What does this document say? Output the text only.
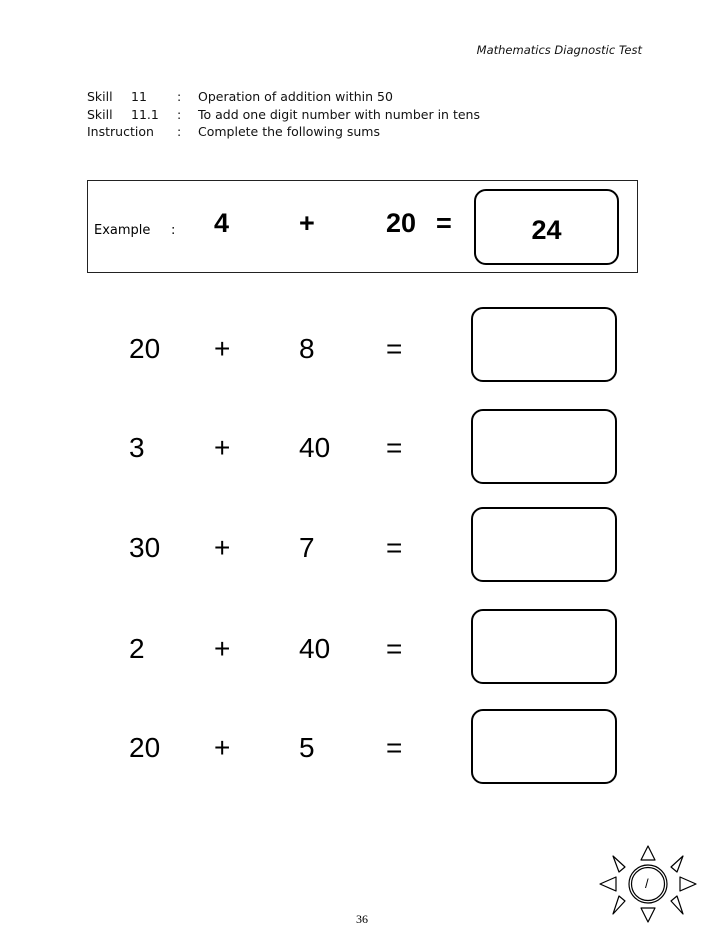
Mathematics Diagnostic Test
Skill 11 : Operation of addition within 50
Skill 11.1 : To add one digit number with number in tens
Instruction : Complete the following sums
Example : 4	+	20 =	24
20 + 8	=
3 + 40 =
30 + 7	=
2 + 40 =
20 + 5	=
/
36
